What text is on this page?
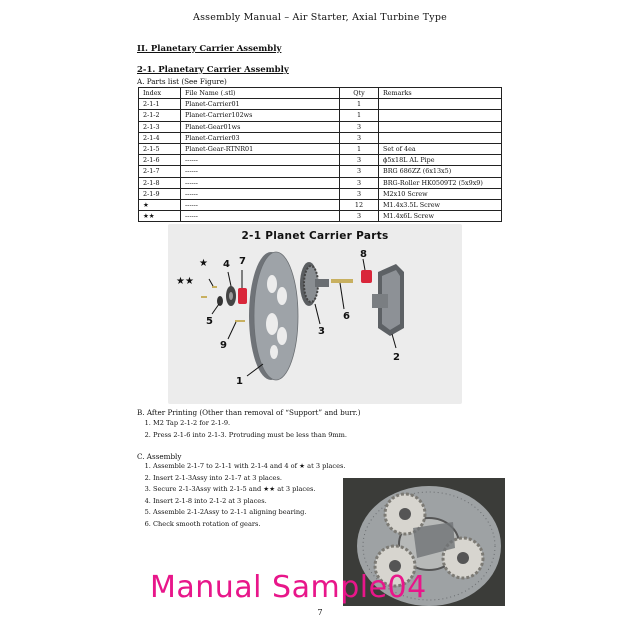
Assembly Manual – Air Starter, Axial Turbine Type
II. Planetary Carrier Assembly
2-1. Planetary Carrier Assembly
A. Parts list (See Figure)
Index	File Name (.stl)	Qty	Remarks
2-1-1	Planet-Carrier01	1	
2-1-2	Planet-Carrier102ws	1	
2-1-3	Planet-Gear01ws	3	
2-1-4	Planet-Carrier03	3	
2-1-5	Planet-Gear-RTNR01	1	Set of 4ea
2-1-6	------	3	ϕ5x18L AL Pipe
2-1-7	------	3	BRG 686ZZ (6x13x5)
2-1-8	------	3	BRG-Roller HK0509T2 (5x9x9)
2-1-9	------	3	M2x10 Screw
★	------	12	M1.4x3.5L Screw
★★	------	3	M1.4x6L Screw
2-1 Planet Carrier Parts
★★
★ 4 7
5
9
1
3
6
8
2
B. After Printing (Other than removal of “Support” and burr.)
1. M2 Tap 2-1-2 for 2-1-9.
2. Press 2-1-6 into 2-1-3. Protruding must be less than 9mm.
C. Assembly
1. Assemble 2-1-7 to 2-1-1 with 2-1-4 and 4 of ★ at 3 places.
2. Insert 2-1-3Assy into 2-1-7 at 3 places.
3. Secure 2-1-3Assy with 2-1-5 and ★★ at 3 places.
4. Insert 2-1-8 into 2-1-2 at 3 places.
5. Assemble 2-1-2Assy to 2-1-1 aligning bearing.
6. Check smooth rotation of gears.
Manual Sample04
7
